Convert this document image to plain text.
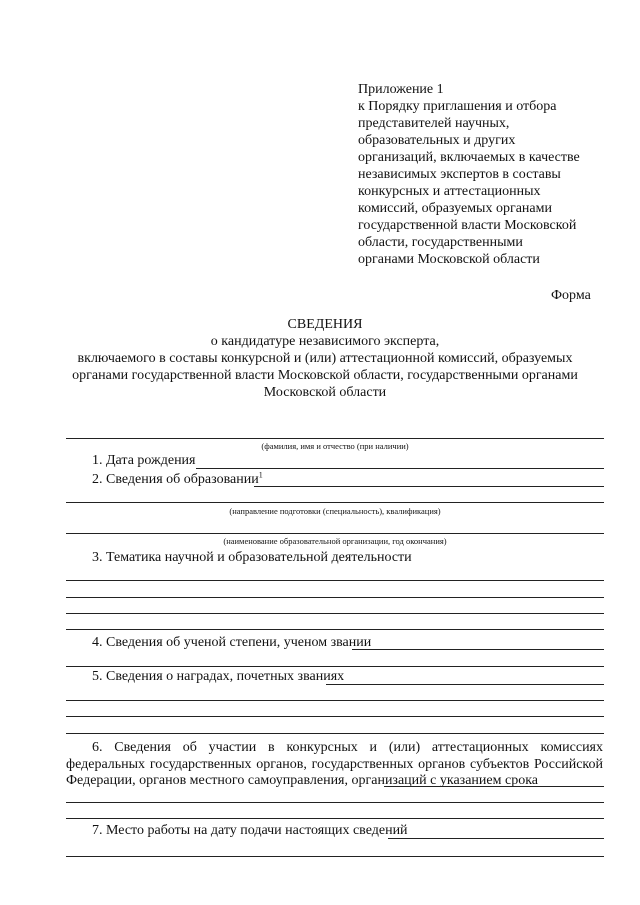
Приложение 1
к Порядку приглашения и отбора
представителей научных,
образовательных и других
организаций, включаемых в качестве
независимых экспертов в составы
конкурсных и аттестационных
комиссий, образуемых органами
государственной власти Московской
области, государственными
органами Московской области
Форма
СВЕДЕНИЯ
о кандидатуре независимого эксперта,
включаемого в составы конкурсной и (или) аттестационной комиссий, образуемых
органами государственной власти Московской области, государственными органами
Московской области
(фамилия, имя и отчество (при наличии)
1. Дата рождения
2. Сведения об образовании$^1$
(направление подготовки (специальность), квалификация)
(наименование образовательной организации, год окончания)
3. Тематика научной и образовательной деятельности
4. Сведения об ученой степени, ученом звании
5. Сведения о наградах, почетных званиях
6. Сведения об участии в конкурсных и (или) аттестационных комиссиях федеральных государственных органов, государственных органов субъектов Российской Федерации, органов местного самоуправления, организаций с указанием срока
7. Место работы на дату подачи настоящих сведений
